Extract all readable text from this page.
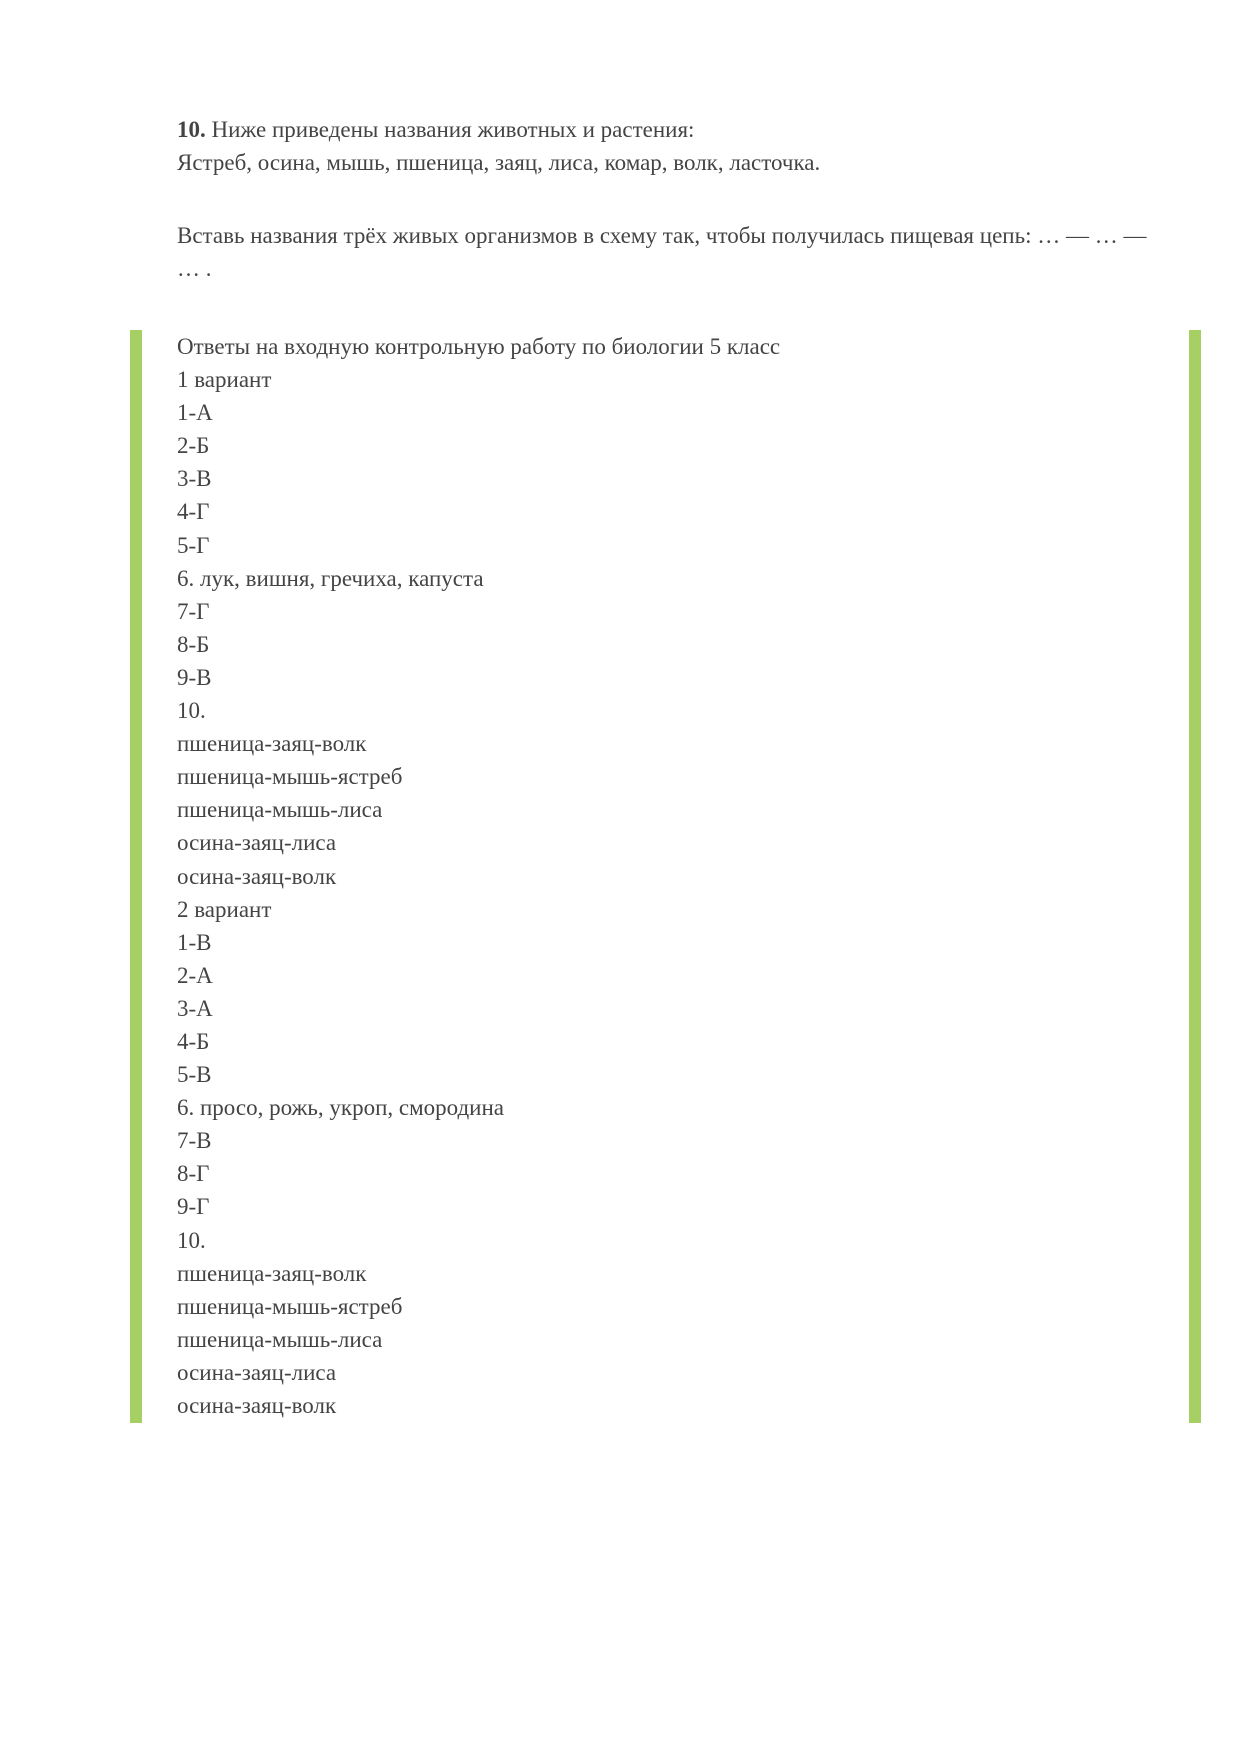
10. Ниже приведены названия животных и растения:

Ястреб, осина, мышь, пшеница, заяц, лиса, комар, волк, ласточка.

Вставь названия трёх живых организмов в схему так, чтобы получилась пищевая цепь: … — … — … .

Ответы на входную контрольную работу по биологии 5 класс
1 вариант
1-А
2-Б
3-В
4-Г
5-Г
6. лук, вишня, гречиха, капуста
7-Г
8-Б
9-В
10.
пшеница-заяц-волк
пшеница-мышь-ястреб
пшеница-мышь-лиса
осина-заяц-лиса
осина-заяц-волк
2 вариант
1-В
2-А
3-А
4-Б
5-В
6. просо, рожь, укроп, смородина
7-В
8-Г
9-Г
10.
пшеница-заяц-волк
пшеница-мышь-ястреб
пшеница-мышь-лиса
осина-заяц-лиса
осина-заяц-волк
